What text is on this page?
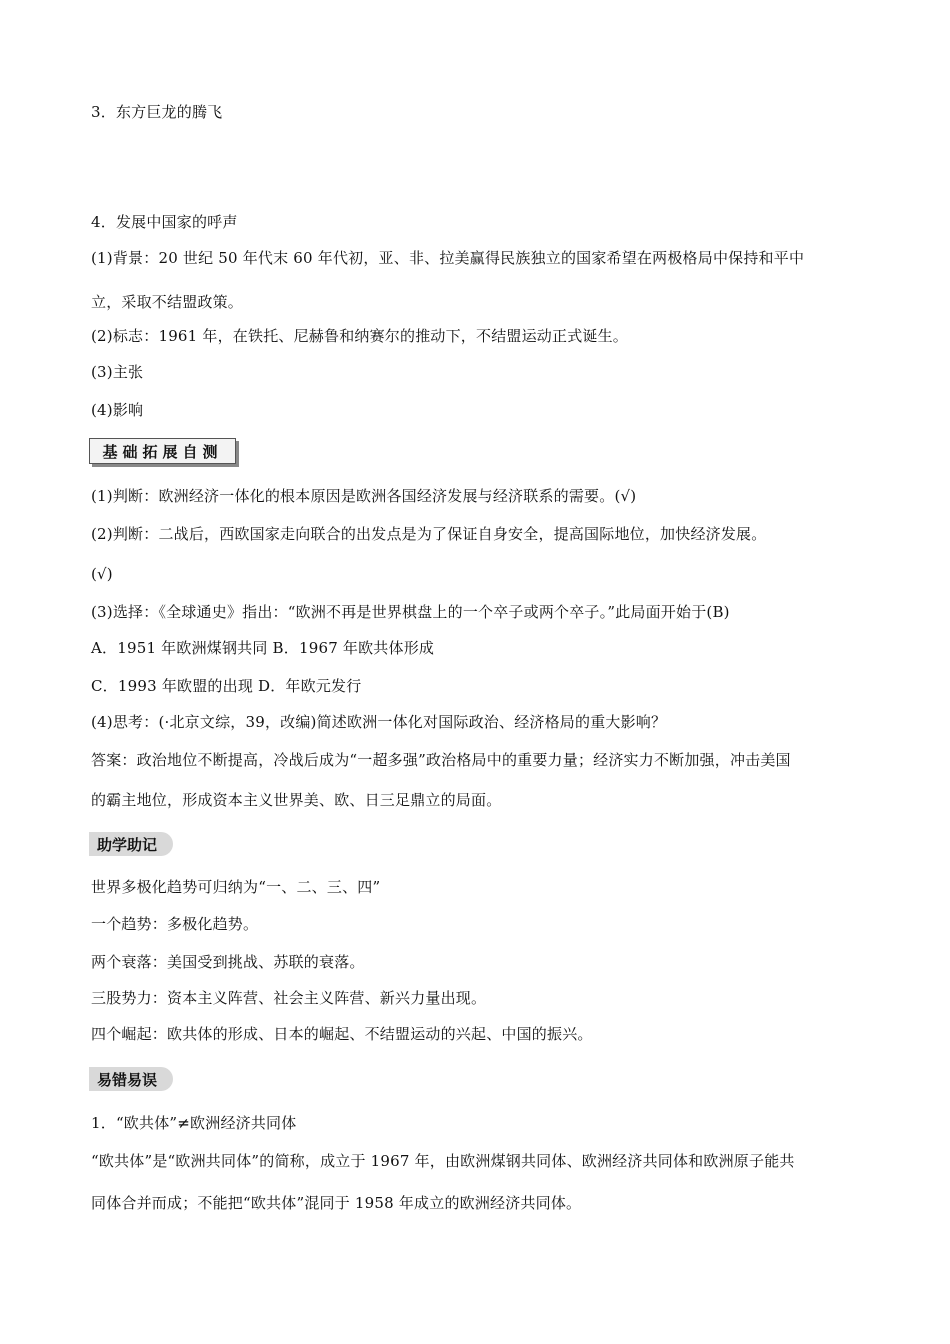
3．东方巨龙的腾飞
4．发展中国家的呼声
(1)背景：20 世纪 50 年代末 60 年代初，亚、非、拉美赢得民族独立的国家希望在两极格局中保持和平中
立，采取不结盟政策。
(2)标志：1961 年，在铁托、尼赫鲁和纳赛尔的推动下，不结盟运动正式诞生。
(3)主张
(4)影响
基础拓展自测
(1)判断：欧洲经济一体化的根本原因是欧洲各国经济发展与经济联系的需要。(√)
(2)判断：二战后，西欧国家走向联合的出发点是为了保证自身安全，提高国际地位，加快经济发展。
(√)
(3)选择：《全球通史》指出：“欧洲不再是世界棋盘上的一个卒子或两个卒子。”此局面开始于(B)
A．1951 年欧洲煤钢共同 B．1967 年欧共体形成
C．1993 年欧盟的出现 D．年欧元发行
(4)思考：(·北京文综，39，改编)简述欧洲一体化对国际政治、经济格局的重大影响？
答案：政治地位不断提高，冷战后成为“一超多强”政治格局中的重要力量；经济实力不断加强，冲击美国
的霸主地位，形成资本主义世界美、欧、日三足鼎立的局面。
助学助记
世界多极化趋势可归纳为“一、二、三、四”
一个趋势：多极化趋势。
两个衰落：美国受到挑战、苏联的衰落。
三股势力：资本主义阵营、社会主义阵营、新兴力量出现。
四个崛起：欧共体的形成、日本的崛起、不结盟运动的兴起、中国的振兴。
易错易误
1．“欧共体”≠欧洲经济共同体
“欧共体”是“欧洲共同体”的简称，成立于 1967 年，由欧洲煤钢共同体、欧洲经济共同体和欧洲原子能共
同体合并而成；不能把“欧共体”混同于 1958 年成立的欧洲经济共同体。
